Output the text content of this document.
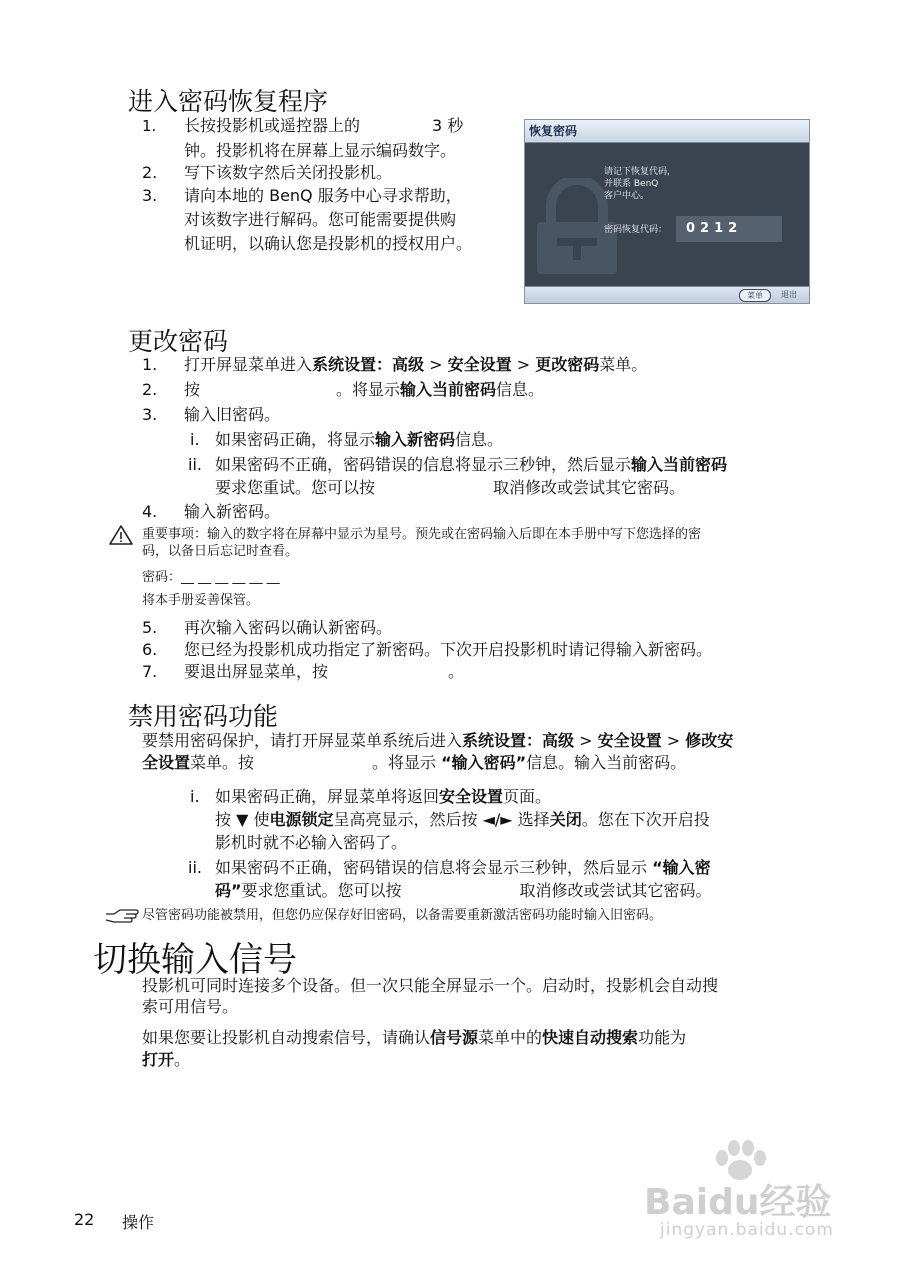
进入密码恢复程序
1. 长按投影机或遥控器上的	3 秒
钟。投影机将在屏幕上显示编码数字。
2. 写下该数字然后关闭投影机。
3. 请向本地的 BenQ 服务中心寻求帮助，
对该数字进行解码。您可能需要提供购
机证明，以确认您是投影机的授权用户。
恢复密码
请记下恢复代码，
并联系 BenQ
客户中心。
密码恢复代码：	0212
菜单	退出
更改密码
1. 打开屏显菜单进入系统设置：高级 > 安全设置 > 更改密码菜单。
2. 按	。将显示输入当前密码信息。
3. 输入旧密码。
i. 如果密码正确，将显示输入新密码信息。
ii. 如果密码不正确，密码错误的信息将显示三秒钟，然后显示输入当前密码
要求您重试。您可以按	取消修改或尝试其它密码。
4. 输入新密码。
重要事项：输入的数字将在屏幕中显示为星号。预先或在密码输入后即在本手册中写下您选择的密
码，以备日后忘记时查看。
密码：__ __ __ __ __ __
将本手册妥善保管。
5. 再次输入密码以确认新密码。
6. 您已经为投影机成功指定了新密码。下次开启投影机时请记得输入新密码。
7. 要退出屏显菜单，按	。
禁用密码功能
要禁用密码保护，请打开屏显菜单系统后进入系统设置：高级 > 安全设置 > 修改安
全设置菜单。按	。将显示 “输入密码”信息。输入当前密码。
i. 如果密码正确，屏显菜单将返回安全设置页面。
按 ▼ 使电源锁定呈高亮显示，然后按 ◄/► 选择关闭。您在下次开启投
影机时就不必输入密码了。
ii. 如果密码不正确，密码错误的信息将会显示三秒钟，然后显示 “输入密
码”要求您重试。您可以按	取消修改或尝试其它密码。
尽管密码功能被禁用，但您仍应保存好旧密码，以备需要重新激活密码功能时输入旧密码。
切换输入信号
投影机可同时连接多个设备。但一次只能全屏显示一个。启动时，投影机会自动搜
索可用信号。
如果您要让投影机自动搜索信号，请确认信号源菜单中的快速自动搜索功能为
打开。
22 操作	Baidu经验
jingyan.baidu.com
